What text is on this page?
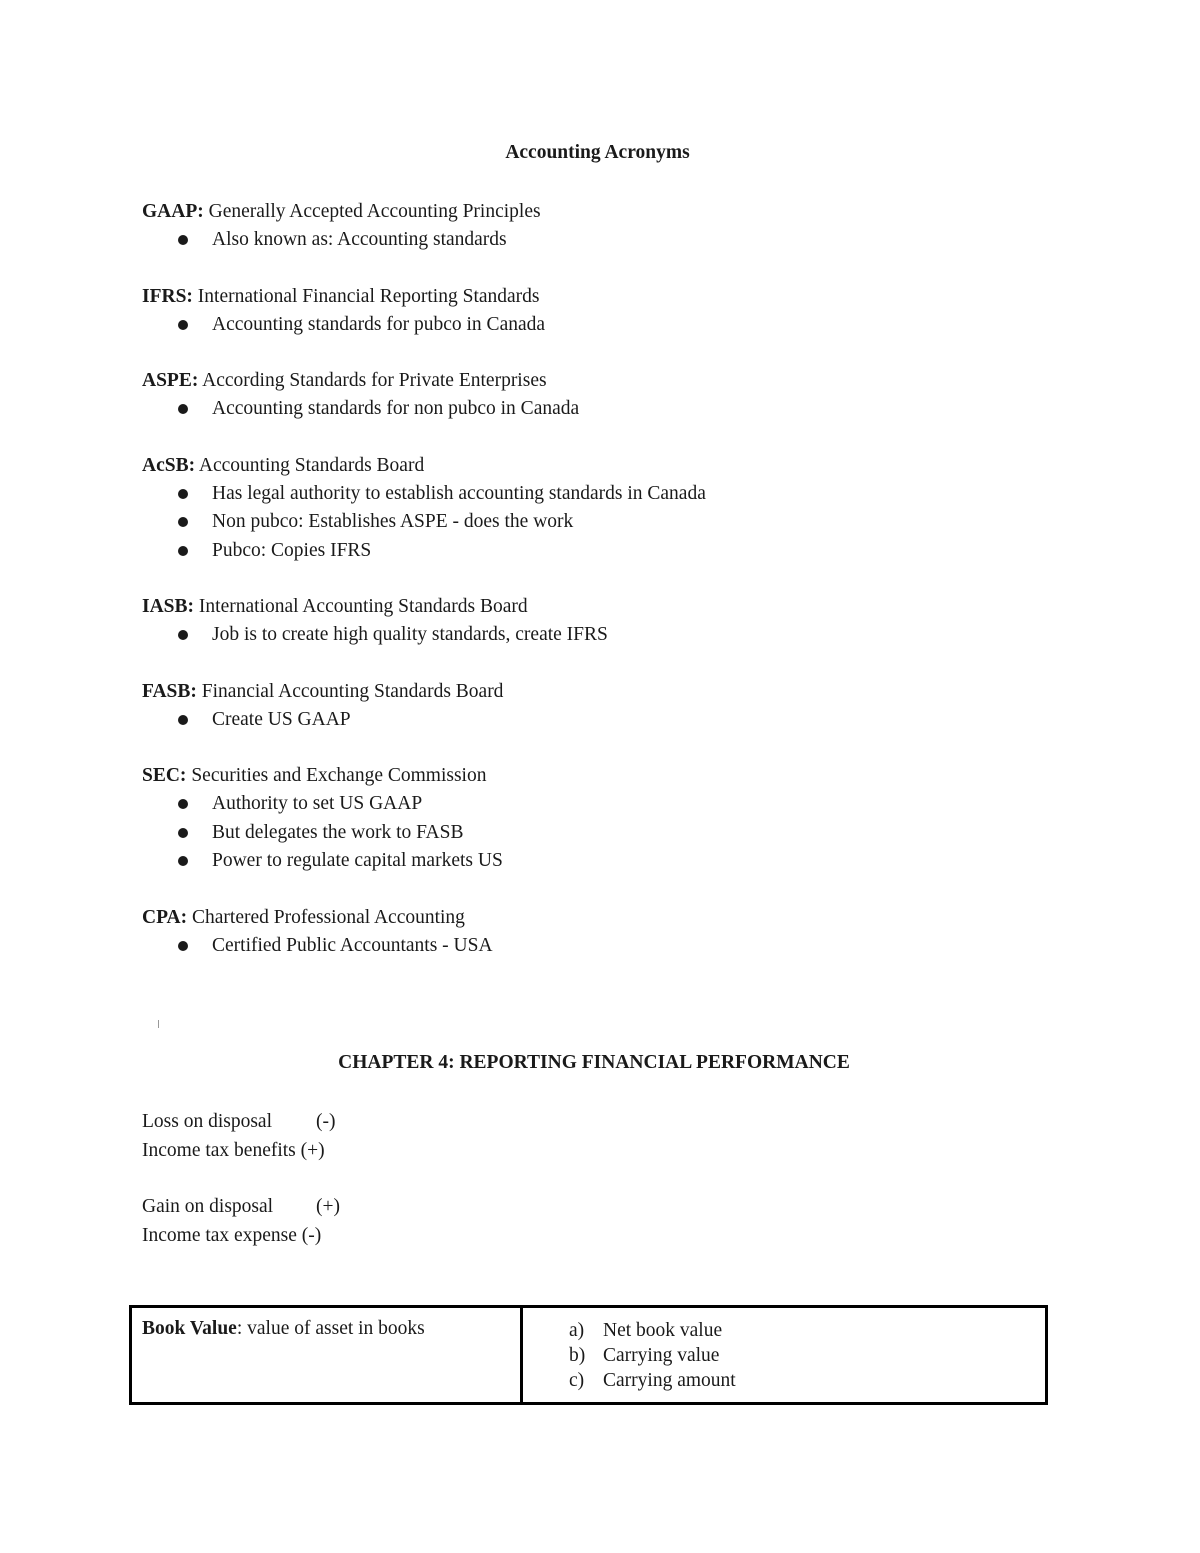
Accounting Acronyms
GAAP: Generally Accepted Accounting Principles
Also known as: Accounting standards
IFRS: International Financial Reporting Standards
Accounting standards for pubco in Canada
ASPE: According Standards for Private Enterprises
Accounting standards for non pubco in Canada
AcSB: Accounting Standards Board
Has legal authority to establish accounting standards in Canada
Non pubco: Establishes ASPE - does the work
Pubco: Copies IFRS
IASB: International Accounting Standards Board
Job is to create high quality standards, create IFRS
FASB: Financial Accounting Standards Board
Create US GAAP
SEC: Securities and Exchange Commission
Authority to set US GAAP
But delegates the work to FASB
Power to regulate capital markets US
CPA: Chartered Professional Accounting
Certified Public Accountants - USA
CHAPTER 4: REPORTING FINANCIAL PERFORMANCE
Loss on disposal (-)
Income tax benefits (+)
Gain on disposal (+)
Income tax expense (-)
Book Value: value of asset in books	a) Net book value
b) Carrying value
c) Carrying amount
